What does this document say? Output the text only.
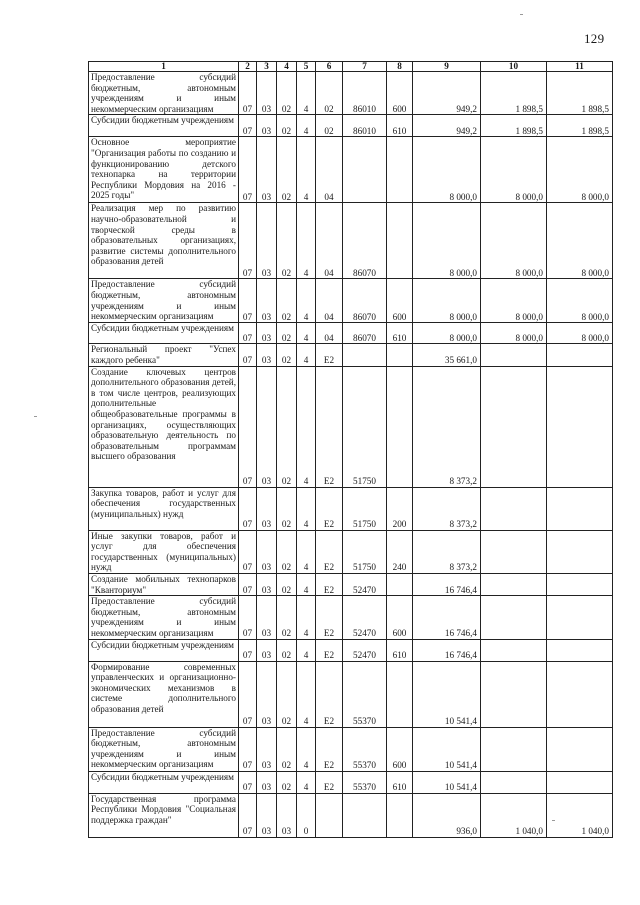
129
1	2	3	4	5	6	7	8	9	10	11
Предоставление субсидий бюджетным, автономным учреждениям и иным некоммерческим организациям	07	03	02	4	02	86010	600	949,2	1 898,5	1 898,5
Субсидии бюджетным учреждениям	07	03	02	4	02	86010	610	949,2	1 898,5	1 898,5
Основное мероприятие "Организация работы по созданию и функционированию детского технопарка на территории Республики Мордовия на 2016 - 2025 годы"	07	03	02	4	04			8 000,0	8 000,0	8 000,0
Реализация мер по развитию научно-образовательной и творческой среды в образовательных организациях, развитие системы дополнительного образования детей	07	03	02	4	04	86070		8 000,0	8 000,0	8 000,0
Предоставление субсидий бюджетным, автономным учреждениям и иным некоммерческим организациям	07	03	02	4	04	86070	600	8 000,0	8 000,0	8 000,0
Субсидии бюджетным учреждениям	07	03	02	4	04	86070	610	8 000,0	8 000,0	8 000,0
Региональный проект "Успех каждого ребенка"	07	03	02	4	Е2			35 661,0		
Создание ключевых центров дополнительного образования детей, в том числе центров, реализующих дополнительные общеобразовательные программы в организациях, осуществляющих образовательную деятельность по образовательным программам высшего образования	07	03	02	4	Е2	51750		8 373,2		
Закупка товаров, работ и услуг для обеспечения государственных (муниципальных) нужд	07	03	02	4	Е2	51750	200	8 373,2		
Иные закупки товаров, работ и услуг для обеспечения государственных (муниципальных) нужд	07	03	02	4	Е2	51750	240	8 373,2		
Создание мобильных технопарков "Кванториум"	07	03	02	4	Е2	52470		16 746,4		
Предоставление субсидий бюджетным, автономным учреждениям и иным некоммерческим организациям	07	03	02	4	Е2	52470	600	16 746,4		
Субсидии бюджетным учреждениям	07	03	02	4	Е2	52470	610	16 746,4		
Формирование современных управленческих и организационно-экономических механизмов в системе дополнительного образования детей	07	03	02	4	Е2	55370		10 541,4		
Предоставление субсидий бюджетным, автономным учреждениям и иным некоммерческим организациям	07	03	02	4	Е2	55370	600	10 541,4		
Субсидии бюджетным учреждениям	07	03	02	4	Е2	55370	610	10 541,4		
Государственная программа Республики Мордовия "Социальная поддержка граждан"	07	03	03	0				936,0	1 040,0	1 040,0
